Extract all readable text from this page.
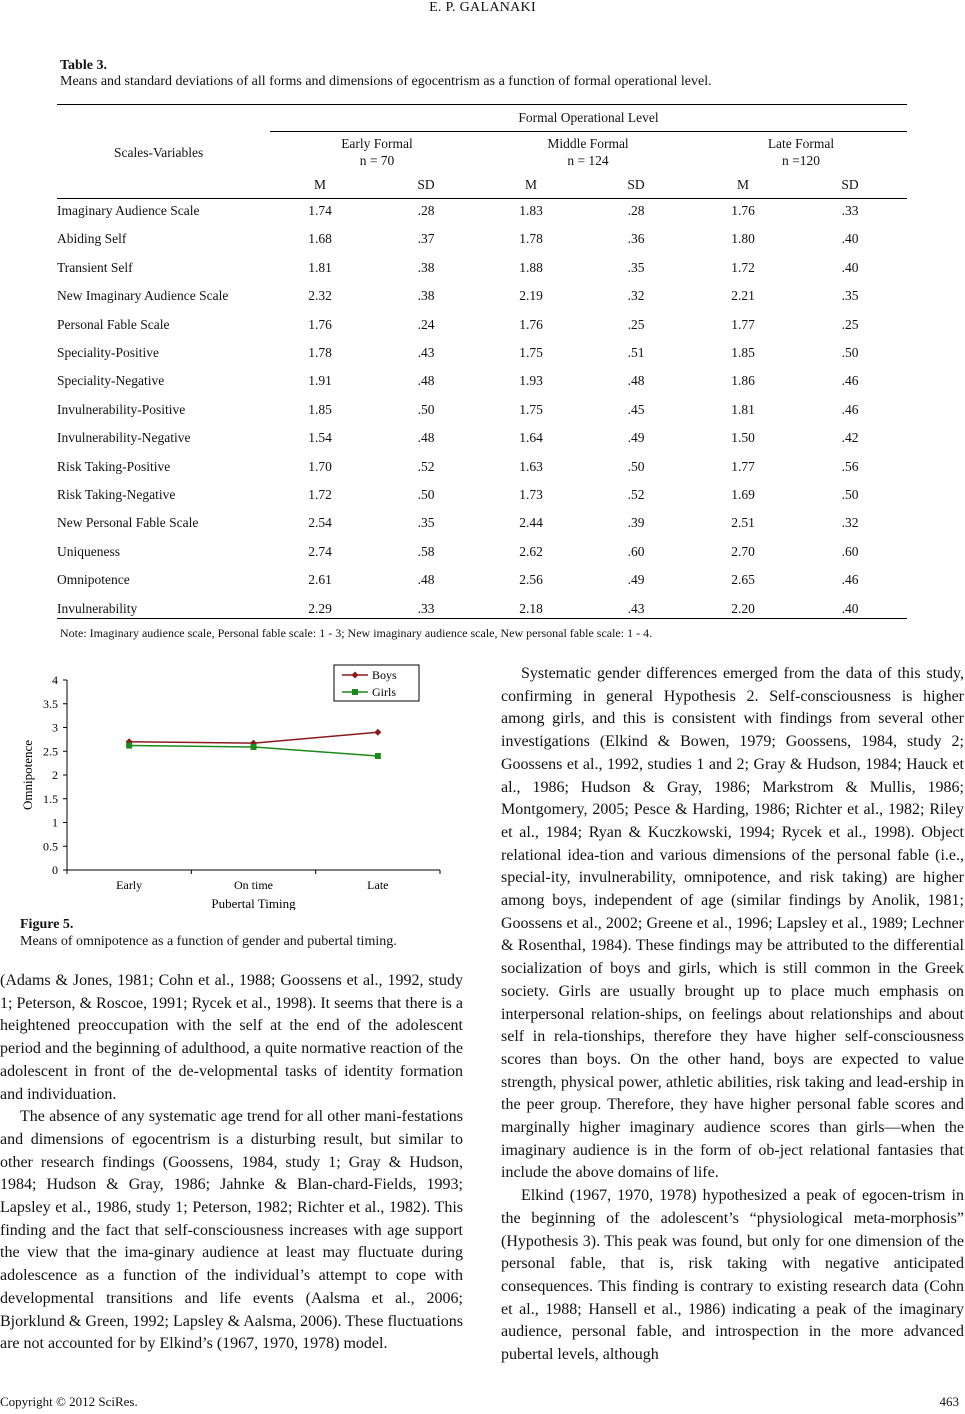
E. P. GALANAKI
Table 3.
Means and standard deviations of all forms and dimensions of egocentrism as a function of formal operational level.
Formal Operational Level
Scales-Variables
Early Formal
n = 70
Middle Formal
n = 124
Late Formal
n =120
M	SD	M	SD	M	SD
Imaginary Audience Scale	1.74	.28	1.83	.28	1.76	.33
Abiding Self	1.68	.37	1.78	.36	1.80	.40
Transient Self	1.81	.38	1.88	.35	1.72	.40
New Imaginary Audience Scale	2.32	.38	2.19	.32	2.21	.35
Personal Fable Scale	1.76	.24	1.76	.25	1.77	.25
Speciality-Positive	1.78	.43	1.75	.51	1.85	.50
Speciality-Negative	1.91	.48	1.93	.48	1.86	.46
Invulnerability-Positive	1.85	.50	1.75	.45	1.81	.46
Invulnerability-Negative	1.54	.48	1.64	.49	1.50	.42
Risk Taking-Positive	1.70	.52	1.63	.50	1.77	.56
Risk Taking-Negative	1.72	.50	1.73	.52	1.69	.50
New Personal Fable Scale	2.54	.35	2.44	.39	2.51	.32
Uniqueness	2.74	.58	2.62	.60	2.70	.60
Omnipotence	2.61	.48	2.56	.49	2.65	.46
Invulnerability	2.29	.33	2.18	.43	2.20	.40
Note: Imaginary audience scale, Personal fable scale: 1 - 3; New imaginary audience scale, New personal fable scale: 1 - 4.
0
0.5
1
1.5
2
2.5
3
3.5
4
Early	On time	Late
Pubertal Timing
Omnipotence
Boys
Girls
Figure 5.
Means of omnipotence as a function of gender and pubertal timing.

(Adams & Jones, 1981; Cohn et al., 1988; Goossens et al., 1992, study 1; Peterson, & Roscoe, 1991; Rycek et al., 1998). It seems that there is a heightened preoccupation with the self at the end of the adolescent period and the beginning of adulthood, a quite normative reaction of the adolescent in front of the de-velopmental tasks of identity formation and individuation.

The absence of any systematic age trend for all other mani-festations and dimensions of egocentrism is a disturbing result, but similar to other research findings (Goossens, 1984, study 1; Gray & Hudson, 1984; Hudson & Gray, 1986; Jahnke & Blan-chard-Fields, 1993; Lapsley et al., 1986, study 1; Peterson, 1982; Richter et al., 1982). This finding and the fact that self-consciousness increases with age support the view that the ima-ginary audience at least may fluctuate during adolescence as a function of the individual’s attempt to cope with developmental transitions and life events (Aalsma et al., 2006; Bjorklund & Green, 1992; Lapsley & Aalsma, 2006). These fluctuations are not accounted for by Elkind’s (1967, 1970, 1978) model.

Systematic gender differences emerged from the data of this study, confirming in general Hypothesis 2. Self-consciousness is higher among girls, and this is consistent with findings from several other investigations (Elkind & Bowen, 1979; Goossens, 1984, study 2; Goossens et al., 1992, studies 1 and 2; Gray & Hudson, 1984; Hauck et al., 1986; Hudson & Gray, 1986; Markstrom & Mullis, 1986; Montgomery, 2005; Pesce & Harding, 1986; Richter et al., 1982; Riley et al., 1984; Ryan & Kuczkowski, 1994; Rycek et al., 1998). Object relational idea-tion and various dimensions of the personal fable (i.e., special-ity, invulnerability, omnipotence, and risk taking) are higher among boys, independent of age (similar findings by Anolik, 1981; Goossens et al., 2002; Greene et al., 1996; Lapsley et al., 1989; Lechner & Rosenthal, 1984). These findings may be attributed to the differential socialization of boys and girls, which is still common in the Greek society. Girls are usually brought up to place much emphasis on interpersonal relation-ships, on feelings about relationships and about self in rela-tionships, therefore they have higher self-consciousness scores than boys. On the other hand, boys are expected to value strength, physical power, athletic abilities, risk taking and lead-ership in the peer group. Therefore, they have higher personal fable scores and marginally higher imaginary audience scores than girls—when the imaginary audience is in the form of ob-ject relational fantasies that include the above domains of life.

Elkind (1967, 1970, 1978) hypothesized a peak of egocen-trism in the beginning of the adolescent’s “physiological meta-morphosis” (Hypothesis 3). This peak was found, but only for one dimension of the personal fable, that is, risk taking with negative anticipated consequences. This finding is contrary to existing research data (Cohn et al., 1988; Hansell et al., 1986) indicating a peak of the imaginary audience, personal fable, and introspection in the more advanced pubertal levels, although

Copyright © 2012 SciRes.	463
